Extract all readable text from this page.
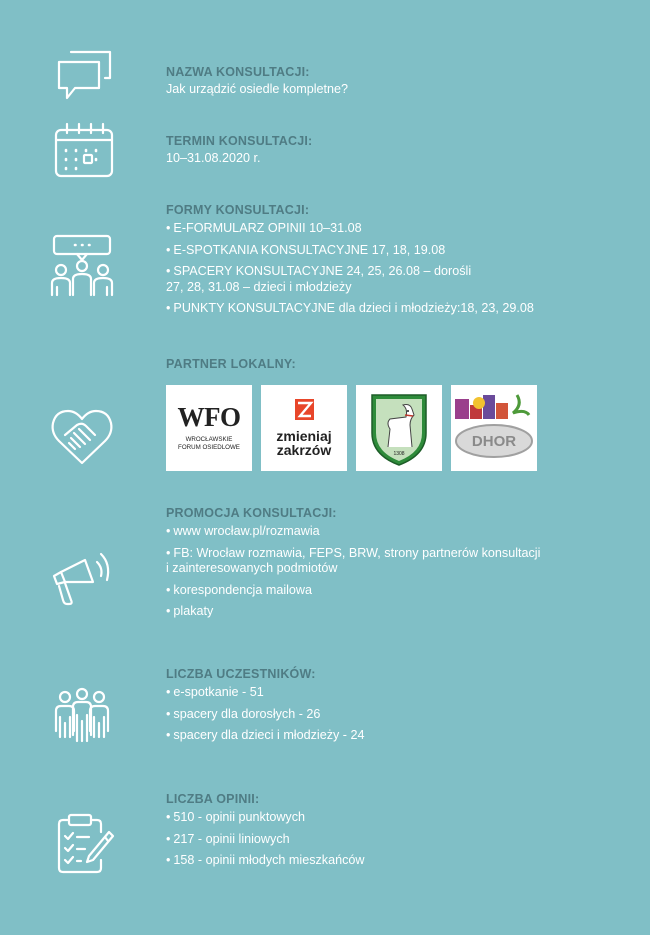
NAZWA KONSULTACJI:

Jak urządzić osiedle kompletne?

TERMIN KONSULTACJI:

10–31.08.2020 r.

FORMY KONSULTACJI:

• E-FORMULARZ OPINII 10–31.08
• E-SPOTKANIA KONSULTACYJNE 17, 18, 19.08
• SPACERY KONSULTACYJNE 24, 25, 26.08 – dorośli
27, 28, 31.08 – dzieci i młodzieży
• PUNKTY KONSULTACYJNE dla dzieci i młodzieży:18, 23, 29.08

PARTNER LOKALNY:

WFO
WROCŁAWSKIE
FORUM OSIEDLOWE
zmieniaj
zakrzów	1308
DHOR

PROMOCJA KONSULTACJI:

• www wrocław.pl/rozmawia
• FB: Wrocław rozmawia, FEPS, BRW, strony partnerów konsultacji
i zainteresowanych podmiotów
• korespondencja mailowa
• plakaty

LICZBA UCZESTNIKÓW:

• e-spotkanie - 51
• spacery dla dorosłych - 26
• spacery dla dzieci i młodzieży - 24

LICZBA OPINII:

• 510 - opinii punktowych
• 217 - opinii liniowych
• 158 - opinii młodych mieszkańców
